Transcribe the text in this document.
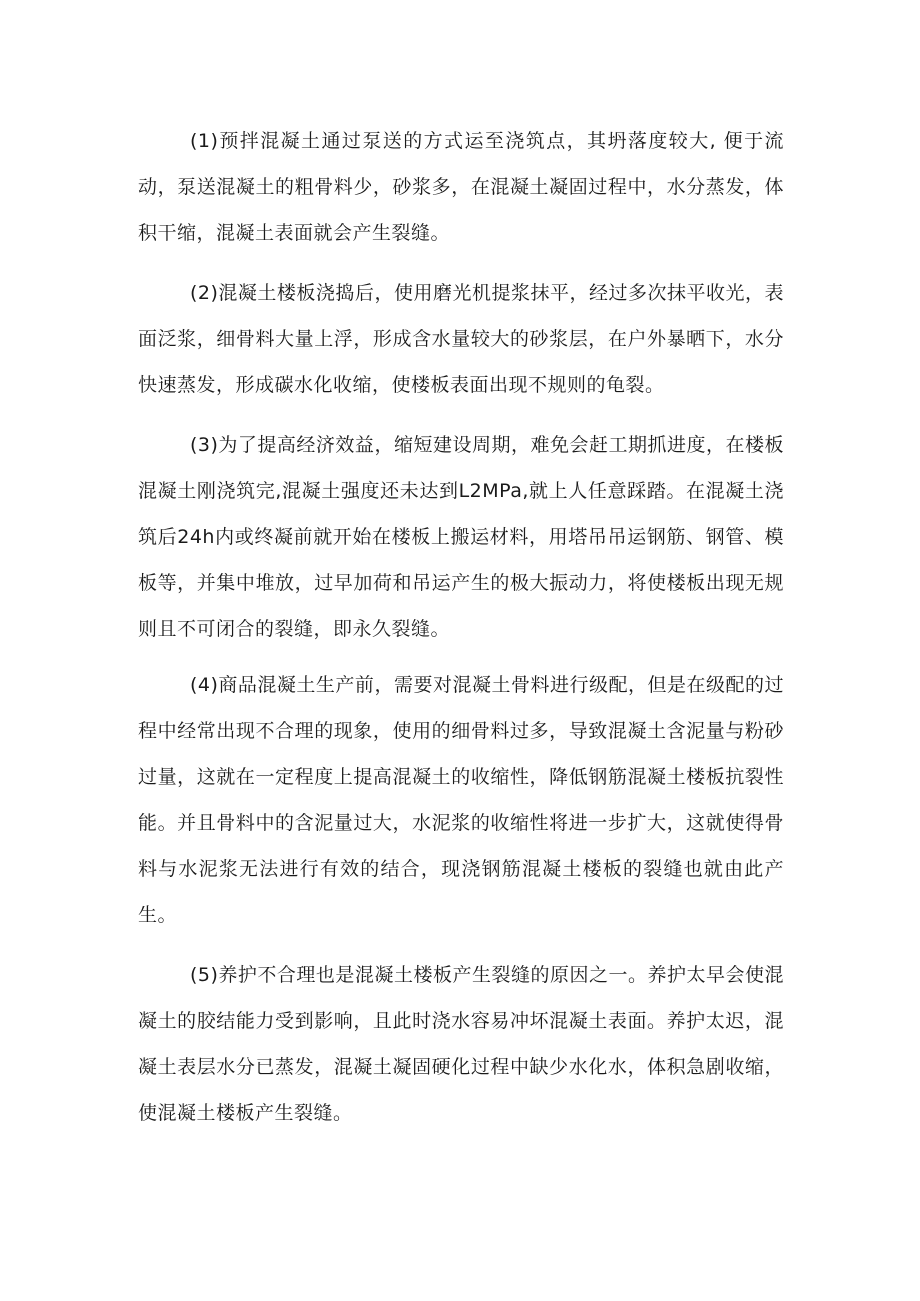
(1)预拌混凝土通过泵送的方式运至浇筑点，其坍落度较大, 便于流动，泵送混凝土的粗骨料少，砂浆多，在混凝土凝固过程中，水分蒸发，体积干缩，混凝土表面就会产生裂缝。

(2)混凝土楼板浇捣后，使用磨光机提浆抹平，经过多次抹平收光，表面泛浆，细骨料大量上浮，形成含水量较大的砂浆层，在户外暴晒下，水分快速蒸发，形成碳水化收缩，使楼板表面出现不规则的龟裂。

(3)为了提高经济效益，缩短建设周期，难免会赶工期抓进度，在楼板混凝土刚浇筑完,混凝土强度还未达到L2MPa,就上人任意踩踏。在混凝土浇筑后24h内或终凝前就开始在楼板上搬运材料，用塔吊吊运钢筋、钢管、模板等，并集中堆放，过早加荷和吊运产生的极大振动力，将使楼板出现无规则且不可闭合的裂缝，即永久裂缝。

(4)商品混凝土生产前，需要对混凝土骨料进行级配，但是在级配的过程中经常出现不合理的现象，使用的细骨料过多，导致混凝土含泥量与粉砂过量，这就在一定程度上提高混凝土的收缩性，降低钢筋混凝土楼板抗裂性能。并且骨料中的含泥量过大，水泥浆的收缩性将进一步扩大，这就使得骨料与水泥浆无法进行有效的结合，现浇钢筋混凝土楼板的裂缝也就由此产生。

(5)养护不合理也是混凝土楼板产生裂缝的原因之一。养护太早会使混凝土的胶结能力受到影响，且此时浇水容易冲坏混凝土表面。养护太迟，混凝土表层水分已蒸发，混凝土凝固硬化过程中缺少水化水，体积急剧收缩，使混凝土楼板产生裂缝。
